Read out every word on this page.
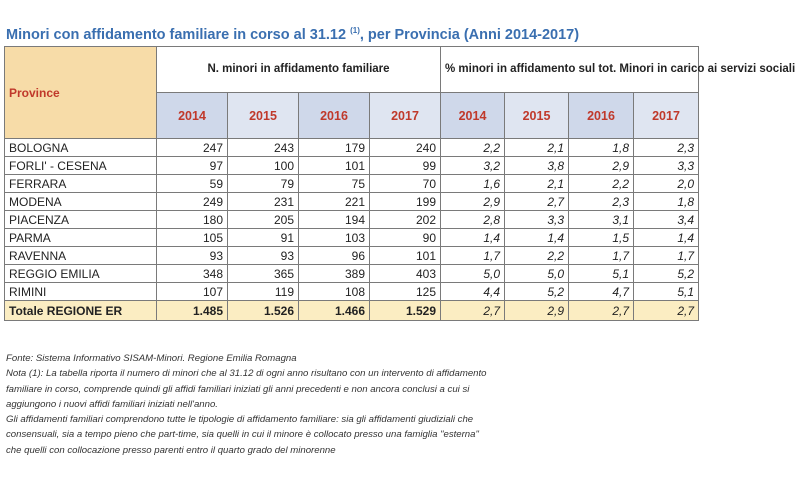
Minori con affidamento familiare in corso al 31.12 $^{(1)}$, per Provincia (Anni 2014-2017)
Province	N. minori in affidamento familiare				% minori in affidamento sul tot. Minori in carico ai servizi sociali			
	2014	2015	2016	2017	2014	2015	2016	2017
BOLOGNA	247	243	179	240	2,2	2,1	1,8	2,3
FORLI' - CESENA	97	100	101	99	3,2	3,8	2,9	3,3
FERRARA	59	79	75	70	1,6	2,1	2,2	2,0
MODENA	249	231	221	199	2,9	2,7	2,3	1,8
PIACENZA	180	205	194	202	2,8	3,3	3,1	3,4
PARMA	105	91	103	90	1,4	1,4	1,5	1,4
RAVENNA	93	93	96	101	1,7	2,2	1,7	1,7
REGGIO EMILIA	348	365	389	403	5,0	5,0	5,1	5,2
RIMINI	107	119	108	125	4,4	5,2	4,7	5,1
Totale REGIONE ER	1.485	1.526	1.466	1.529	2,7	2,9	2,7	2,7

Fonte: Sistema Informativo SISAM-Minori. Regione Emilia Romagna

Nota (1): La tabella riporta il numero di minori che al 31.12 di ogni anno risultano con un intervento di affidamento

familiare in corso, comprende quindi gli affidi familiari iniziati gli anni precedenti e non ancora conclusi a cui si

aggiungono i nuovi affidi familiari iniziati nell'anno.

Gli affidamenti familiari comprendono tutte le tipologie di affidamento familiare: sia gli affidamenti giudiziali che

consensuali, sia a tempo pieno che part-time, sia quelli in cui il minore è collocato presso una famiglia "esterna"

che quelli con collocazione presso parenti entro il quarto grado del minorenne
